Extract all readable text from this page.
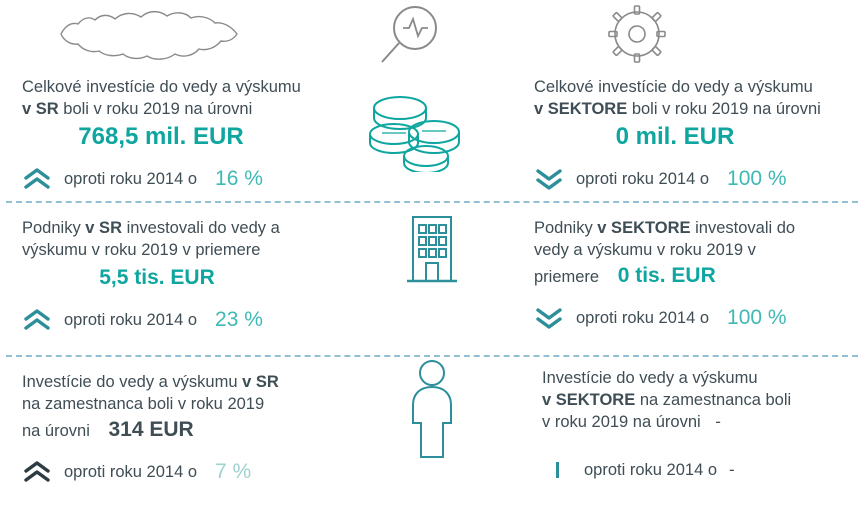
Celkové investície do vedy a výskumu
v SR boli v roku 2019 na úrovni
768,5 mil. EUR
oproti roku 2014 o 16 %
Celkové investície do vedy a výskumu
v SEKTORE boli v roku 2019 na úrovni
0 mil. EUR
oproti roku 2014 o 100 %
Podniky v SR investovali do vedy a
výskumu v roku 2019 v priemere
5,5 tis. EUR
oproti roku 2014 o 23 %
Podniky v SEKTORE investovali do
vedy a výskumu v roku 2019 v
priemere 0 tis. EUR
oproti roku 2014 o 100 %
Investície do vedy a výskumu v SR
na zamestnanca boli v roku 2019
na úrovni 314 EUR
oproti roku 2014 o 7 %
Investície do vedy a výskumu
v SEKTORE na zamestnanca boli
v roku 2019 na úrovni -
oproti roku 2014 o -
